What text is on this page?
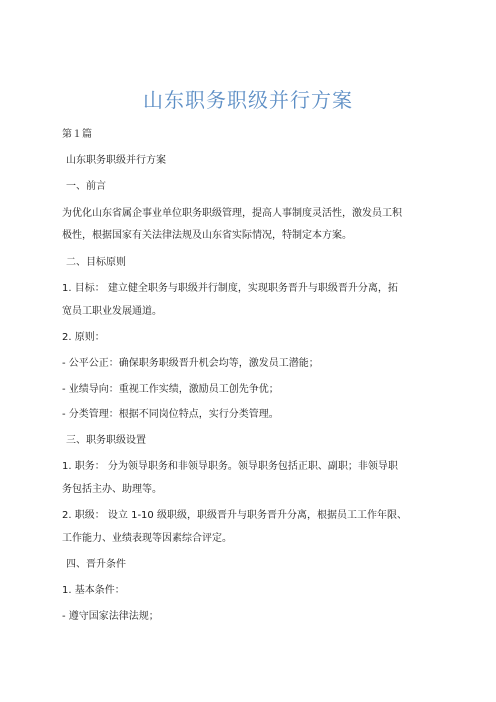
山东职务职级并行方案
第１篇
山东职务职级并行方案
一、前言
为优化山东省属企事业单位职务职级管理，提高人事制度灵活性，激发员工积
极性，根据国家有关法律法规及山东省实际情况，特制定本方案。
二、目标原则
1. 目标： 建立健全职务与职级并行制度，实现职务晋升与职级晋升分离，拓
宽员工职业发展通道。
2. 原则：
- 公平公正：确保职务职级晋升机会均等，激发员工潜能；
- 业绩导向：重视工作实绩，激励员工创先争优；
- 分类管理：根据不同岗位特点，实行分类管理。
三、职务职级设置
1. 职务： 分为领导职务和非领导职务。领导职务包括正职、副职；非领导职
务包括主办、助理等。
2. 职级： 设立 1-10 级职级，职级晋升与职务晋升分离，根据员工工作年限、
工作能力、业绩表现等因素综合评定。
四、晋升条件
1. 基本条件：
- 遵守国家法律法规；
